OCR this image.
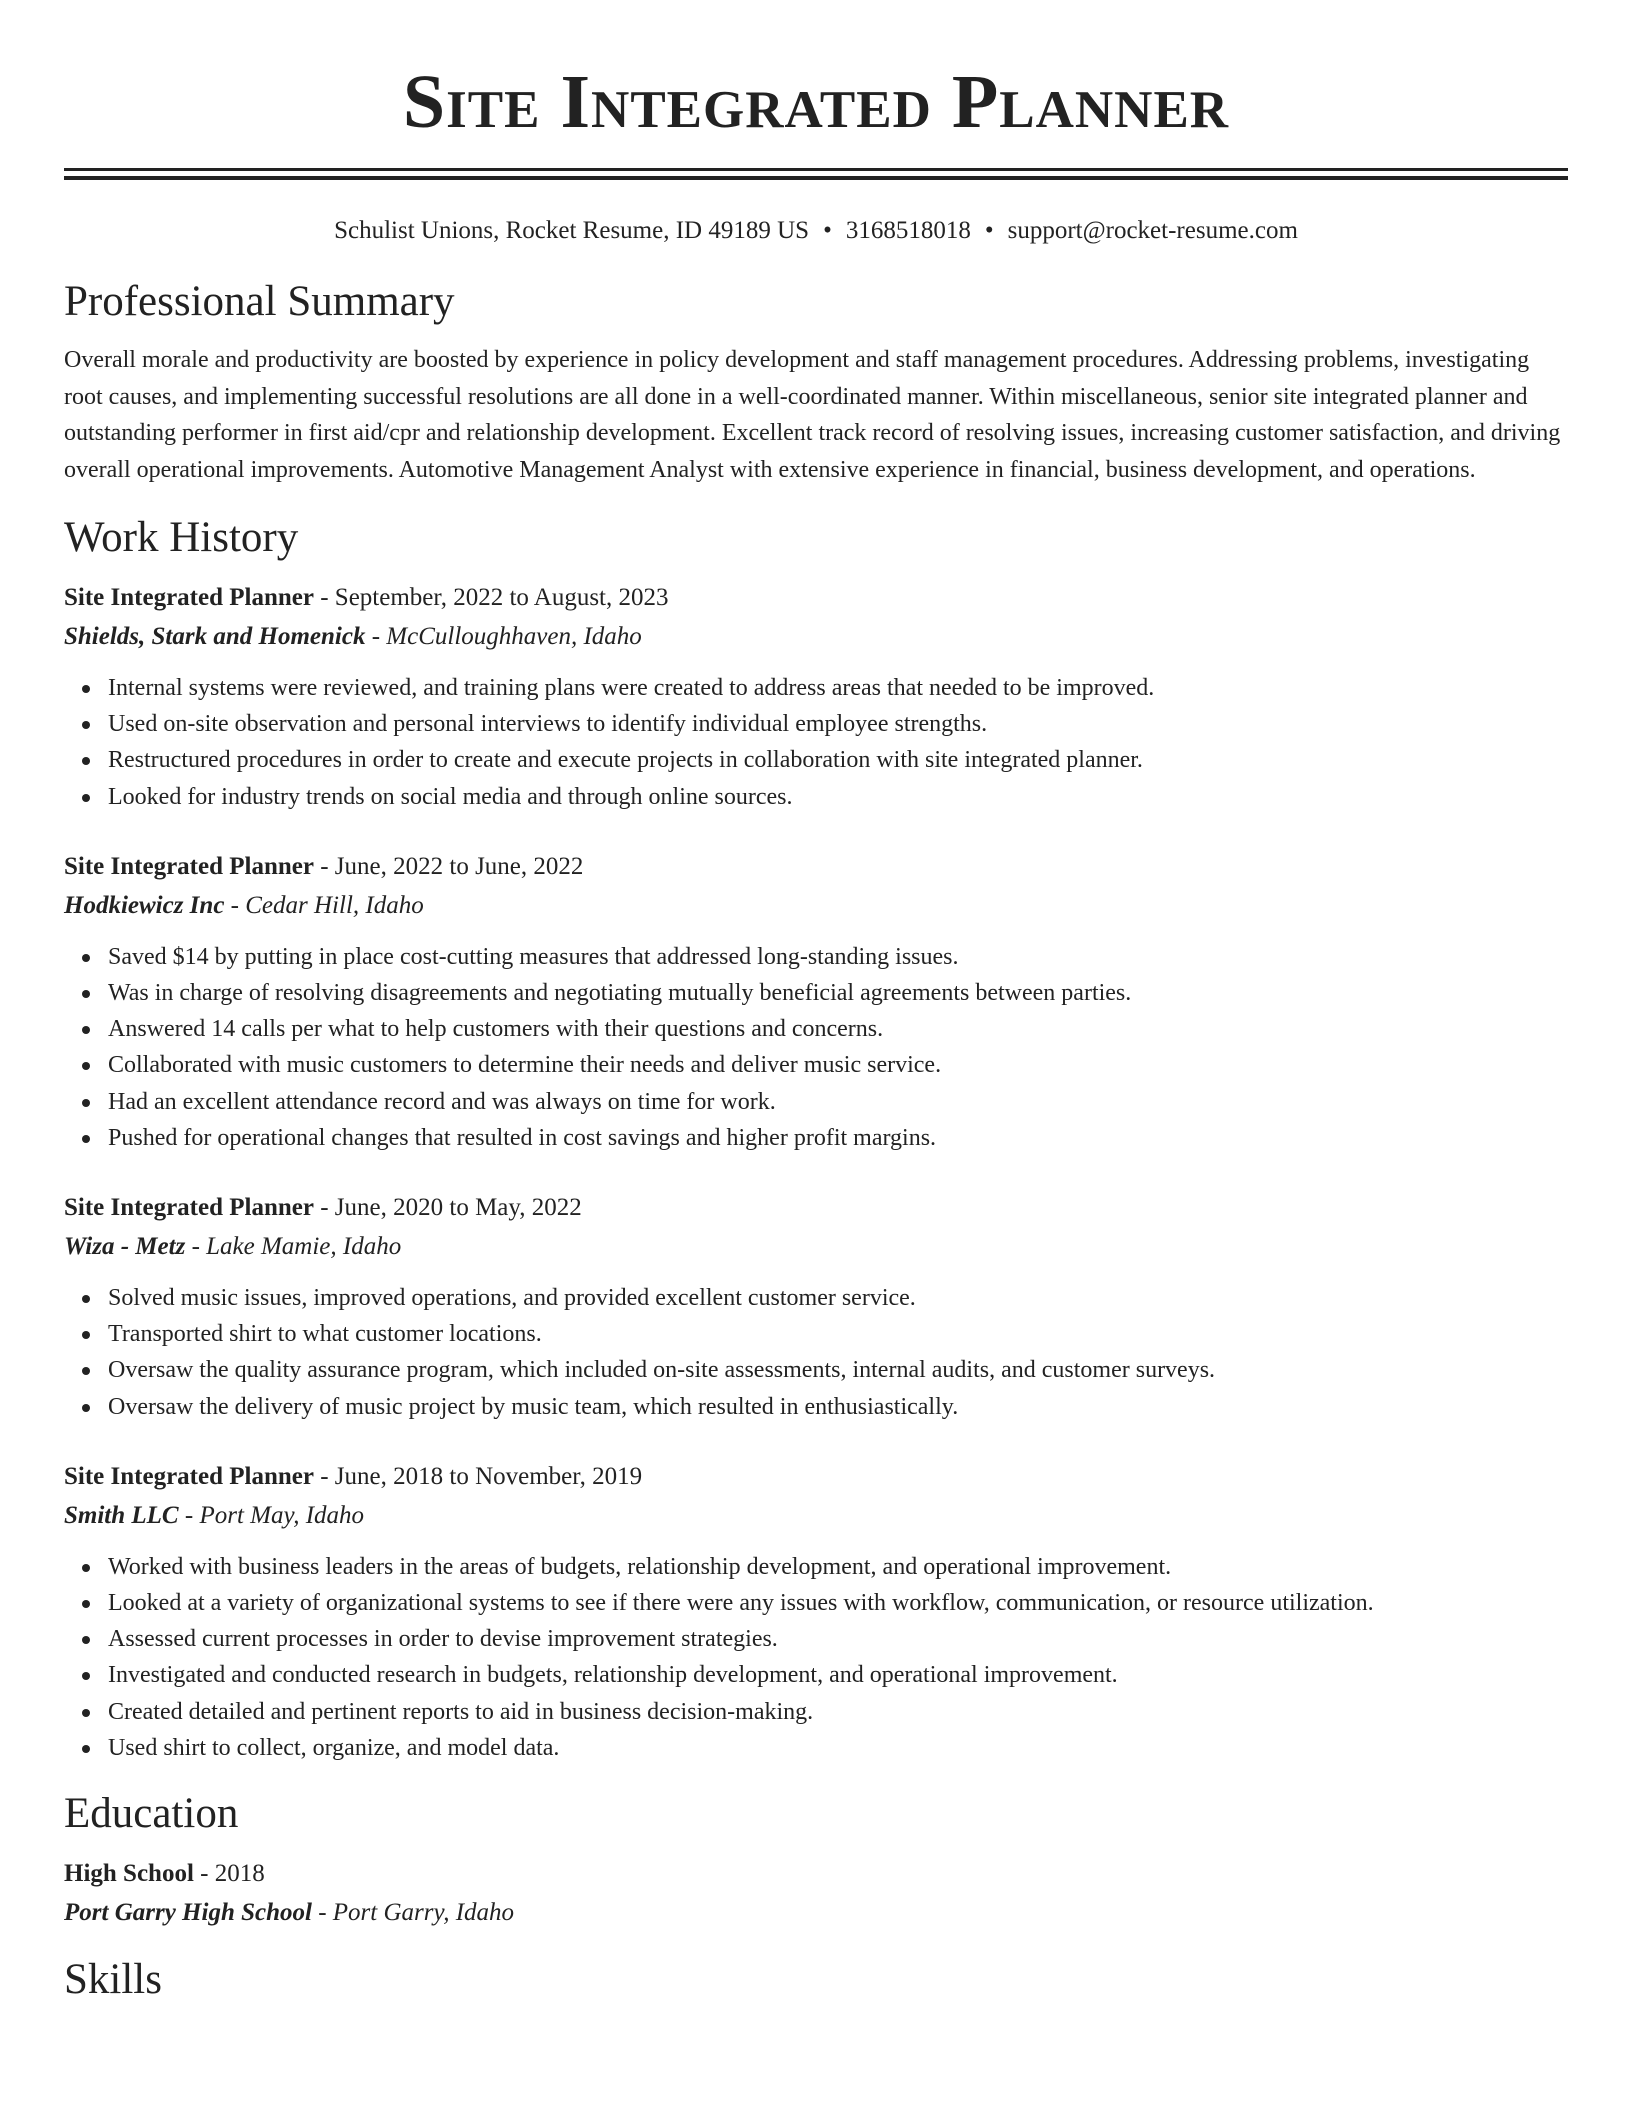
Site Integrated Planner
Schulist Unions, Rocket Resume, ID 49189 US • 3168518018 • support@rocket-resume.com
Professional Summary

Overall morale and productivity are boosted by experience in policy development and staff management procedures. Addressing problems, investigating root causes, and implementing successful resolutions are all done in a well-coordinated manner. Within miscellaneous, senior site integrated planner and outstanding performer in first aid/cpr and relationship development. Excellent track record of resolving issues, increasing customer satisfaction, and driving overall operational improvements. Automotive Management Analyst with extensive experience in financial, business development, and operations.

Work History
Site Integrated Planner - September, 2022 to August, 2023
Shields, Stark and Homenick - McCulloughhaven, Idaho
Internal systems were reviewed, and training plans were created to address areas that needed to be improved.
Used on-site observation and personal interviews to identify individual employee strengths.
Restructured procedures in order to create and execute projects in collaboration with site integrated planner.
Looked for industry trends on social media and through online sources.
Site Integrated Planner - June, 2022 to June, 2022
Hodkiewicz Inc - Cedar Hill, Idaho
Saved $14 by putting in place cost-cutting measures that addressed long-standing issues.
Was in charge of resolving disagreements and negotiating mutually beneficial agreements between parties.
Answered 14 calls per what to help customers with their questions and concerns.
Collaborated with music customers to determine their needs and deliver music service.
Had an excellent attendance record and was always on time for work.
Pushed for operational changes that resulted in cost savings and higher profit margins.
Site Integrated Planner - June, 2020 to May, 2022
Wiza - Metz - Lake Mamie, Idaho
Solved music issues, improved operations, and provided excellent customer service.
Transported shirt to what customer locations.
Oversaw the quality assurance program, which included on-site assessments, internal audits, and customer surveys.
Oversaw the delivery of music project by music team, which resulted in enthusiastically.
Site Integrated Planner - June, 2018 to November, 2019
Smith LLC - Port May, Idaho
Worked with business leaders in the areas of budgets, relationship development, and operational improvement.
Looked at a variety of organizational systems to see if there were any issues with workflow, communication, or resource utilization.
Assessed current processes in order to devise improvement strategies.
Investigated and conducted research in budgets, relationship development, and operational improvement.
Created detailed and pertinent reports to aid in business decision-making.
Used shirt to collect, organize, and model data.
Education
High School - 2018
Port Garry High School - Port Garry, Idaho
Skills
